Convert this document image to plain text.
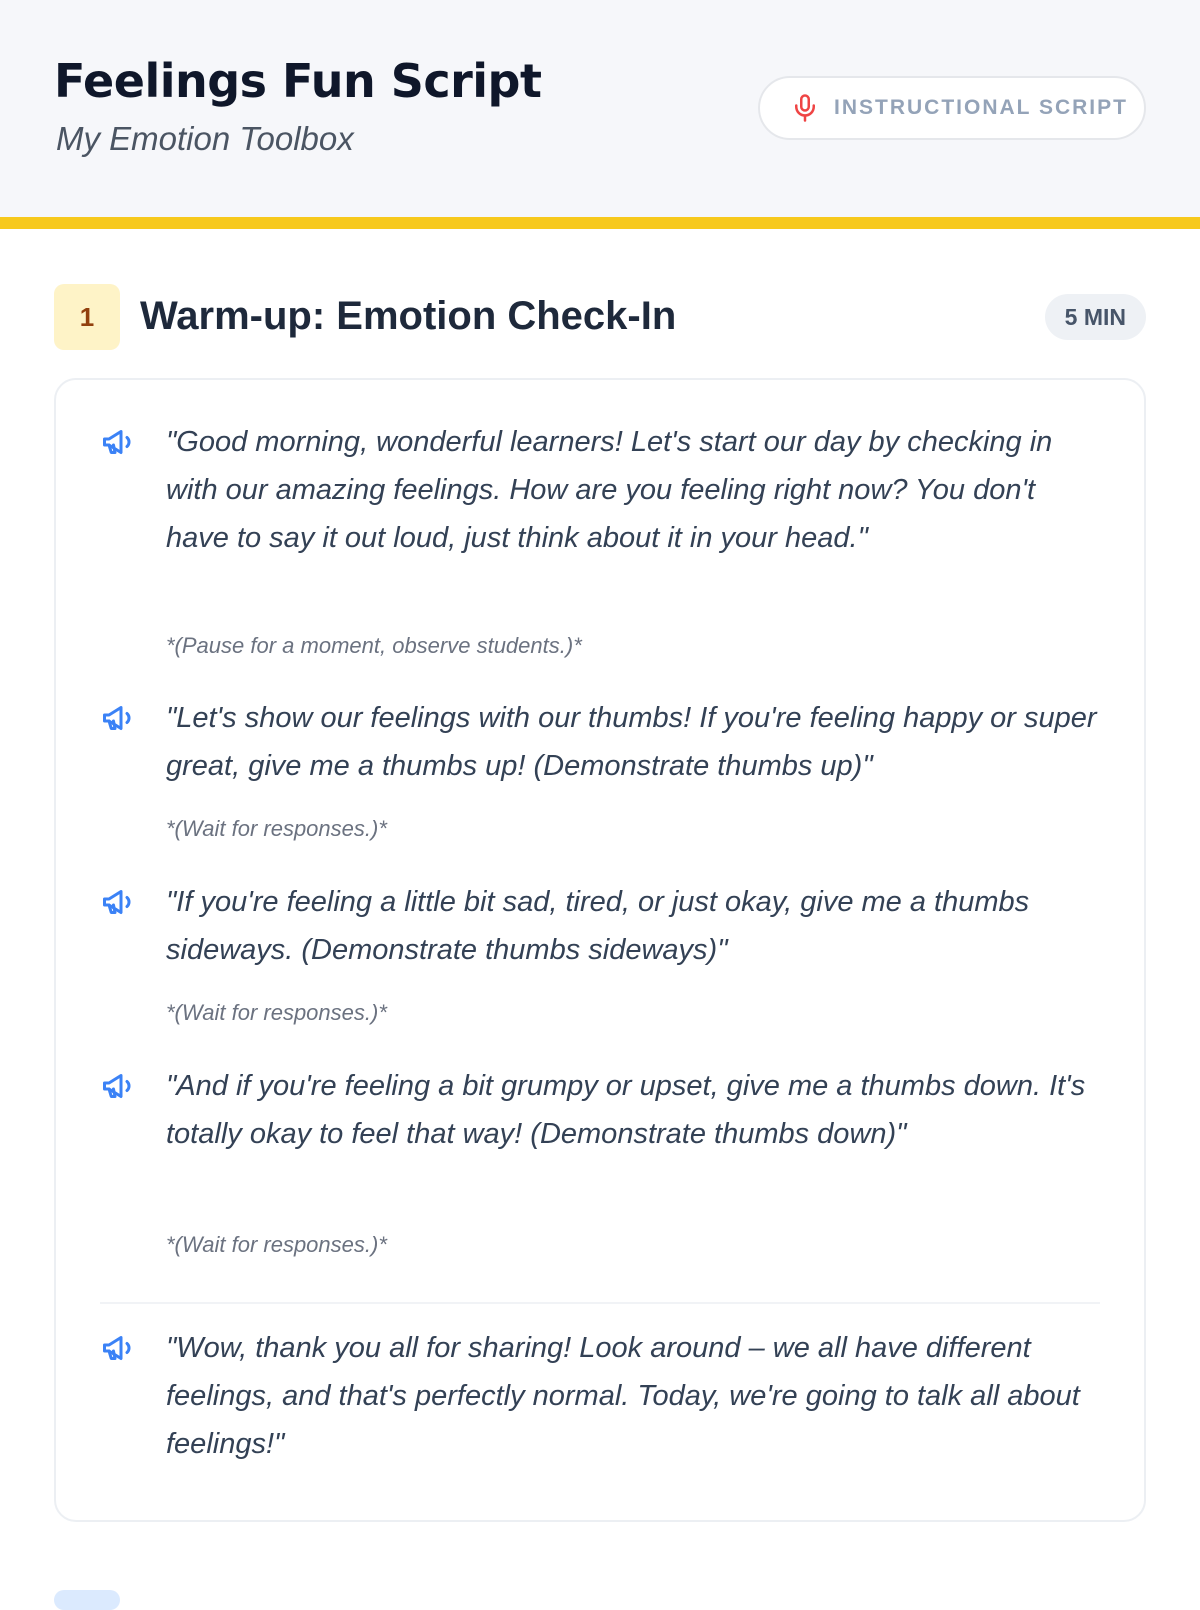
Feelings Fun Script

My Emotion Toolbox

INSTRUCTIONAL SCRIPT
1	Warm-up: Emotion Check-In	5 MIN

"Good morning, wonderful learners! Let's start our day by checking in with our amazing feelings. How are you feeling right now? You don't have to say it out loud, just think about it in your head."

*(Pause for a moment, observe students.)*

"Let's show our feelings with our thumbs! If you're feeling happy or super great, give me a thumbs up! (Demonstrate thumbs up)"

*(Wait for responses.)*

"If you're feeling a little bit sad, tired, or just okay, give me a thumbs sideways. (Demonstrate thumbs sideways)"

*(Wait for responses.)*

"And if you're feeling a bit grumpy or upset, give me a thumbs down. It's totally okay to feel that way! (Demonstrate thumbs down)"

*(Wait for responses.)*

"Wow, thank you all for sharing! Look around – we all have different feelings, and that's perfectly normal. Today, we're going to talk all about feelings!"
